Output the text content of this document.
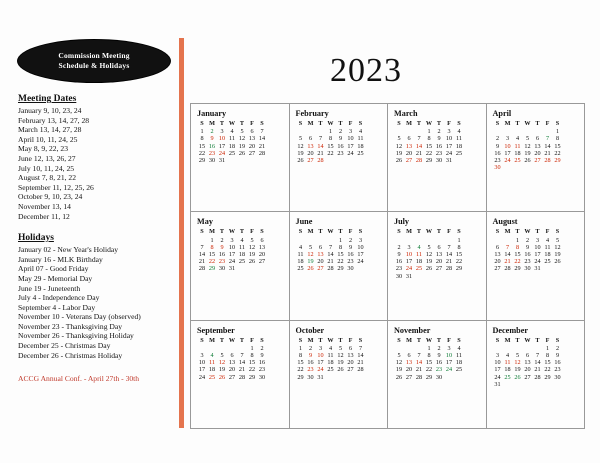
Commission Meeting
Schedule & Holidays
Meeting Dates
January 9, 10, 23, 24
February 13, 14, 27, 28
March 13, 14, 27, 28
April 10, 11, 24, 25
May 8, 9, 22, 23
June 12, 13, 26, 27
July 10, 11, 24, 25
August 7, 8, 21, 22
September 11, 12, 25, 26
October 9, 10, 23, 24
November 13, 14
December 11, 12
Holidays
January 02 - New Year's Holiday
January 16 - MLK Birthday
April 07 - Good Friday
May 29 - Memorial Day
June 19 - Juneteenth
July 4 - Independence Day
September 4 - Labor Day
November 10 - Veterans Day (observed)
November 23 - Thanksgiving Day
November 26 - Thanksgiving Holiday
December 25 - Christmas Day
December 26 - Christmas Holiday
ACCG Annual Conf. - April 27th - 30th
2023
January
S	M	T	W	T	F	S
1	2	3	4	5	6	7
8	9	10	11	12	13	14
15	16	17	18	19	20	21
22	23	24	25	26	27	28
29	30	31				
February
S	M	T	W	T	F	S
			1	2	3	4
5	6	7	8	9	10	11
12	13	14	15	16	17	18
19	20	21	22	23	24	25
26	27	28				
March
S	M	T	W	T	F	S
			1	2	3	4
5	6	7	8	9	10	11
12	13	14	15	16	17	18
19	20	21	22	23	24	25
26	27	28	29	30	31	
April
S	M	T	W	T	F	S
						1
2	3	4	5	6	7	8
9	10	11	12	13	14	15
16	17	18	19	20	21	22
23	24	25	26	27	28	29
30						
May
S	M	T	W	T	F	S
	1	2	3	4	5	6
7	8	9	10	11	12	13
14	15	16	17	18	19	20
21	22	23	24	25	26	27
28	29	30	31			
June
S	M	T	W	T	F	S
				1	2	3
4	5	6	7	8	9	10
11	12	13	14	15	16	17
18	19	20	21	22	23	24
25	26	27	28	29	30	
July
S	M	T	W	T	F	S
						1
2	3	4	5	6	7	8
9	10	11	12	13	14	15
16	17	18	19	20	21	22
23	24	25	26	27	28	29
30	31					
August
S	M	T	W	T	F	S
		1	2	3	4	5
6	7	8	9	10	11	12
13	14	15	16	17	18	19
20	21	22	23	24	25	26
27	28	29	30	31		
September
S	M	T	W	T	F	S
					1	2
3	4	5	6	7	8	9
10	11	12	13	14	15	16
17	18	19	20	21	22	23
24	25	26	27	28	29	30
October
S	M	T	W	T	F	S
1	2	3	4	5	6	7
8	9	10	11	12	13	14
15	16	17	18	19	20	21
22	23	24	25	26	27	28
29	30	31				
November
S	M	T	W	T	F	S
			1	2	3	4
5	6	7	8	9	10	11
12	13	14	15	16	17	18
19	20	21	22	23	24	25
26	27	28	29	30		
December
S	M	T	W	T	F	S
					1	2
3	4	5	6	7	8	9
10	11	12	13	14	15	16
17	18	19	20	21	22	23
24	25	26	27	28	29	30
31						
